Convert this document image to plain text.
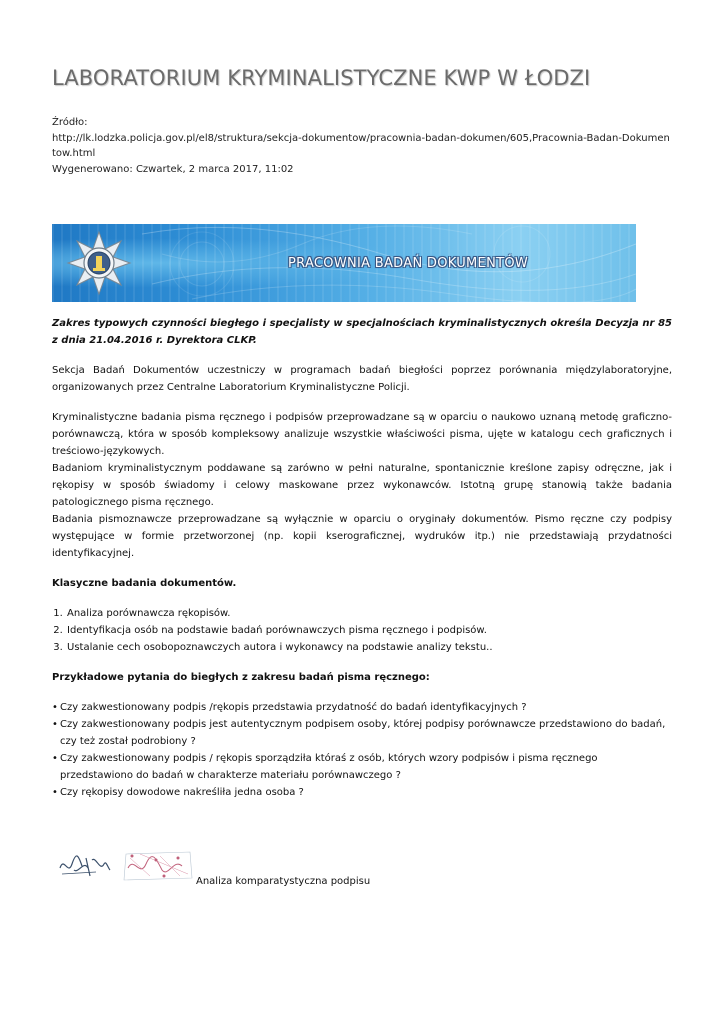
LABORATORIUM KRYMINALISTYCZNE KWP W ŁODZI
Źródło:
http://lk.lodzka.policja.gov.pl/el8/struktura/sekcja-dokumentow/pracownia-badan-dokumen/605,Pracownia-Badan-Dokumentow.html
Wygenerowano: Czwartek, 2 marca 2017, 11:02
PRACOWNIA BADAŃ DOKUMENTÓW

Zakres typowych czynności biegłego i specjalisty w specjalnościach kryminalistycznych określa Decyzja nr 85 z dnia 21.04.2016 r. Dyrektora CLKP.

Sekcja Badań Dokumentów uczestniczy w programach badań biegłości poprzez porównania międzylaboratoryjne, organizowanych przez Centralne Laboratorium Kryminalistyczne Policji.

Kryminalistyczne badania pisma ręcznego i podpisów przeprowadzane są w oparciu o naukowo uznaną metodę graficzno-porównawczą, która w sposób kompleksowy analizuje wszystkie właściwości pisma, ujęte w katalogu cech graficznych i treściowo-językowych.

Badaniom kryminalistycznym poddawane są zarówno w pełni naturalne, spontanicznie kreślone zapisy odręczne, jak i rękopisy w sposób świadomy i celowy maskowane przez wykonawców. Istotną grupę stanowią także badania patologicznego pisma ręcznego.

Badania pismoznawcze przeprowadzane są wyłącznie w oparciu o oryginały dokumentów. Pismo ręczne czy podpisy występujące w formie przetworzonej (np. kopii kserograficznej, wydruków itp.) nie przedstawiają przydatności identyfikacyjnej.

Klasyczne badania dokumentów.

1. Analiza porównawcza rękopisów.
2. Identyfikacja osób na podstawie badań porównawczych pisma ręcznego i podpisów.
3. Ustalanie cech osobopoznawczych autora i wykonawcy na podstawie analizy tekstu..

Przykładowe pytania do biegłych z zakresu badań pisma ręcznego:

• Czy zakwestionowany podpis /rękopis przedstawia przydatność do badań identyfikacyjnych ?
• Czy zakwestionowany podpis jest autentycznym podpisem osoby, której podpisy porównawcze przedstawiono do badań, czy też został podrobiony ?
• Czy zakwestionowany podpis / rękopis sporządziła któraś z osób, których wzory podpisów i pisma ręcznego przedstawiono do badań w charakterze materiału porównawczego ?
• Czy rękopisy dowodowe nakreśliła jedna osoba ?
Analiza komparatystyczna podpisu
